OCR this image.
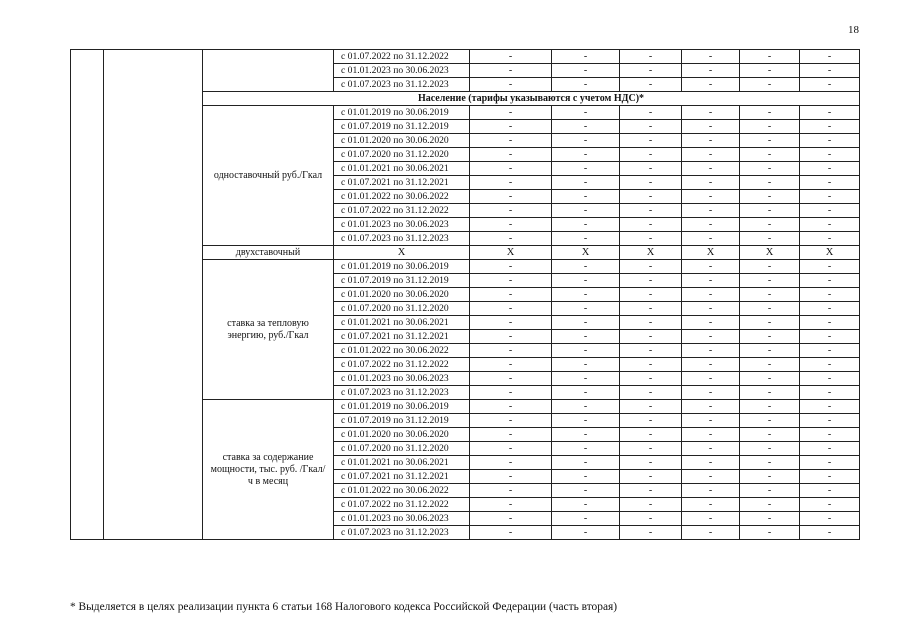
18
			с 01.07.2022 по 31.12.2022	-	-	-	-	-	-
			с 01.01.2023 по 30.06.2023	-	-	-	-	-	-
			с 01.07.2023 по 31.12.2023	-	-	-	-	-	-
		Население (тарифы указываются с учетом НДС)*							
		одноставочный руб./Гкал	с 01.01.2019 по 30.06.2019	-	-	-	-	-	-
			с 01.07.2019 по 31.12.2019	-	-	-	-	-	-
			с 01.01.2020 по 30.06.2020	-	-	-	-	-	-
			с 01.07.2020 по 31.12.2020	-	-	-	-	-	-
			с 01.01.2021 по 30.06.2021	-	-	-	-	-	-
			с 01.07.2021 по 31.12.2021	-	-	-	-	-	-
			с 01.01.2022 по 30.06.2022	-	-	-	-	-	-
			с 01.07.2022 по 31.12.2022	-	-	-	-	-	-
			с 01.01.2023 по 30.06.2023	-	-	-	-	-	-
			с 01.07.2023 по 31.12.2023	-	-	-	-	-	-
		двухставочный	Х	Х	Х	Х	Х	Х	Х
		ставка за тепловую энергию, руб./Гкал	с 01.01.2019 по 30.06.2019	-	-	-	-	-	-
			с 01.07.2019 по 31.12.2019	-	-	-	-	-	-
			с 01.01.2020 по 30.06.2020	-	-	-	-	-	-
			с 01.07.2020 по 31.12.2020	-	-	-	-	-	-
			с 01.01.2021 по 30.06.2021	-	-	-	-	-	-
			с 01.07.2021 по 31.12.2021	-	-	-	-	-	-
			с 01.01.2022 по 30.06.2022	-	-	-	-	-	-
			с 01.07.2022 по 31.12.2022	-	-	-	-	-	-
			с 01.01.2023 по 30.06.2023	-	-	-	-	-	-
			с 01.07.2023 по 31.12.2023	-	-	-	-	-	-
		ставка за содержание мощности, тыс. руб. /Гкал/ч в месяц	с 01.01.2019 по 30.06.2019	-	-	-	-	-	-
			с 01.07.2019 по 31.12.2019	-	-	-	-	-	-
			с 01.01.2020 по 30.06.2020	-	-	-	-	-	-
			с 01.07.2020 по 31.12.2020	-	-	-	-	-	-
			с 01.01.2021 по 30.06.2021	-	-	-	-	-	-
			с 01.07.2021 по 31.12.2021	-	-	-	-	-	-
			с 01.01.2022 по 30.06.2022	-	-	-	-	-	-
			с 01.07.2022 по 31.12.2022	-	-	-	-	-	-
			с 01.01.2023 по 30.06.2023	-	-	-	-	-	-
			с 01.07.2023 по 31.12.2023	-	-	-	-	-	-
* Выделяется в целях реализации пункта 6 статьи 168 Налогового кодекса Российской Федерации (часть вторая)
